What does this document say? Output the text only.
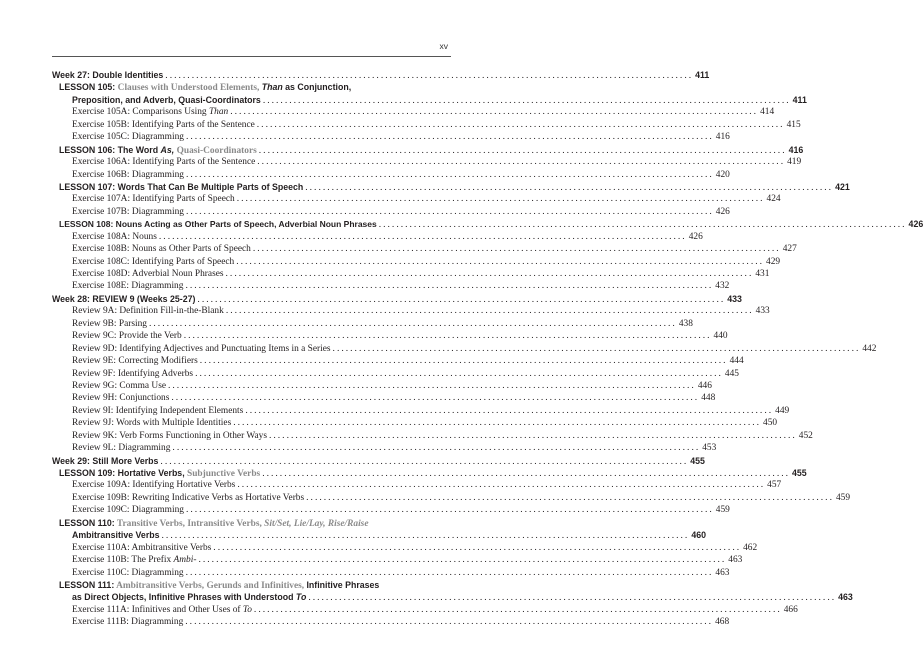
xv
Week 27: Double Identities ........................................................................................................................ 411
LESSON 105: Clauses with Understood Elements, Than as Conjunction,
Preposition, and Adverb, Quasi-Coordinators ........................................................................................................................ 411
Exercise 105A: Comparisons Using Than ........................................................................................................................ 414
Exercise 105B: Identifying Parts of the Sentence ........................................................................................................................ 415
Exercise 105C: Diagramming ........................................................................................................................ 416
LESSON 106: The Word As, Quasi-Coordinators ........................................................................................................................ 416
Exercise 106A: Identifying Parts of the Sentence ........................................................................................................................ 419
Exercise 106B: Diagramming ........................................................................................................................ 420
LESSON 107: Words That Can Be Multiple Parts of Speech ........................................................................................................................ 421
Exercise 107A: Identifying Parts of Speech ........................................................................................................................ 424
Exercise 107B: Diagramming ........................................................................................................................ 426
LESSON 108: Nouns Acting as Other Parts of Speech, Adverbial Noun Phrases ........................................................................................................................ 426
Exercise 108A: Nouns ........................................................................................................................ 426
Exercise 108B: Nouns as Other Parts of Speech ........................................................................................................................ 427
Exercise 108C: Identifying Parts of Speech ........................................................................................................................ 429
Exercise 108D: Adverbial Noun Phrases ........................................................................................................................ 431
Exercise 108E: Diagramming ........................................................................................................................ 432
Week 28: REVIEW 9 (Weeks 25-27) ........................................................................................................................ 433
Review 9A: Definition Fill-in-the-Blank ........................................................................................................................ 433
Review 9B: Parsing ........................................................................................................................ 438
Review 9C: Provide the Verb ........................................................................................................................ 440
Review 9D: Identifying Adjectives and Punctuating Items in a Series ........................................................................................................................ 442
Review 9E: Correcting Modifiers ........................................................................................................................ 444
Review 9F: Identifying Adverbs ........................................................................................................................ 445
Review 9G: Comma Use ........................................................................................................................ 446
Review 9H: Conjunctions ........................................................................................................................ 448
Review 9I: Identifying Independent Elements ........................................................................................................................ 449
Review 9J: Words with Multiple Identities ........................................................................................................................ 450
Review 9K: Verb Forms Functioning in Other Ways ........................................................................................................................ 452
Review 9L: Diagramming ........................................................................................................................ 453
Week 29: Still More Verbs ........................................................................................................................ 455
LESSON 109: Hortative Verbs, Subjunctive Verbs ........................................................................................................................ 455
Exercise 109A: Identifying Hortative Verbs ........................................................................................................................ 457
Exercise 109B: Rewriting Indicative Verbs as Hortative Verbs ........................................................................................................................ 459
Exercise 109C: Diagramming ........................................................................................................................ 459
LESSON 110: Transitive Verbs, Intransitive Verbs, Sit/Set, Lie/Lay, Rise/Raise
Ambitransitive Verbs ........................................................................................................................ 460
Exercise 110A: Ambitransitive Verbs ........................................................................................................................ 462
Exercise 110B: The Prefix Ambi- ........................................................................................................................ 463
Exercise 110C: Diagramming ........................................................................................................................ 463
LESSON 111: Ambitransitive Verbs, Gerunds and Infinitives, Infinitive Phrases
as Direct Objects, Infinitive Phrases with Understood To ........................................................................................................................ 463
Exercise 111A: Infinitives and Other Uses of To ........................................................................................................................ 466
Exercise 111B: Diagramming ........................................................................................................................ 468
